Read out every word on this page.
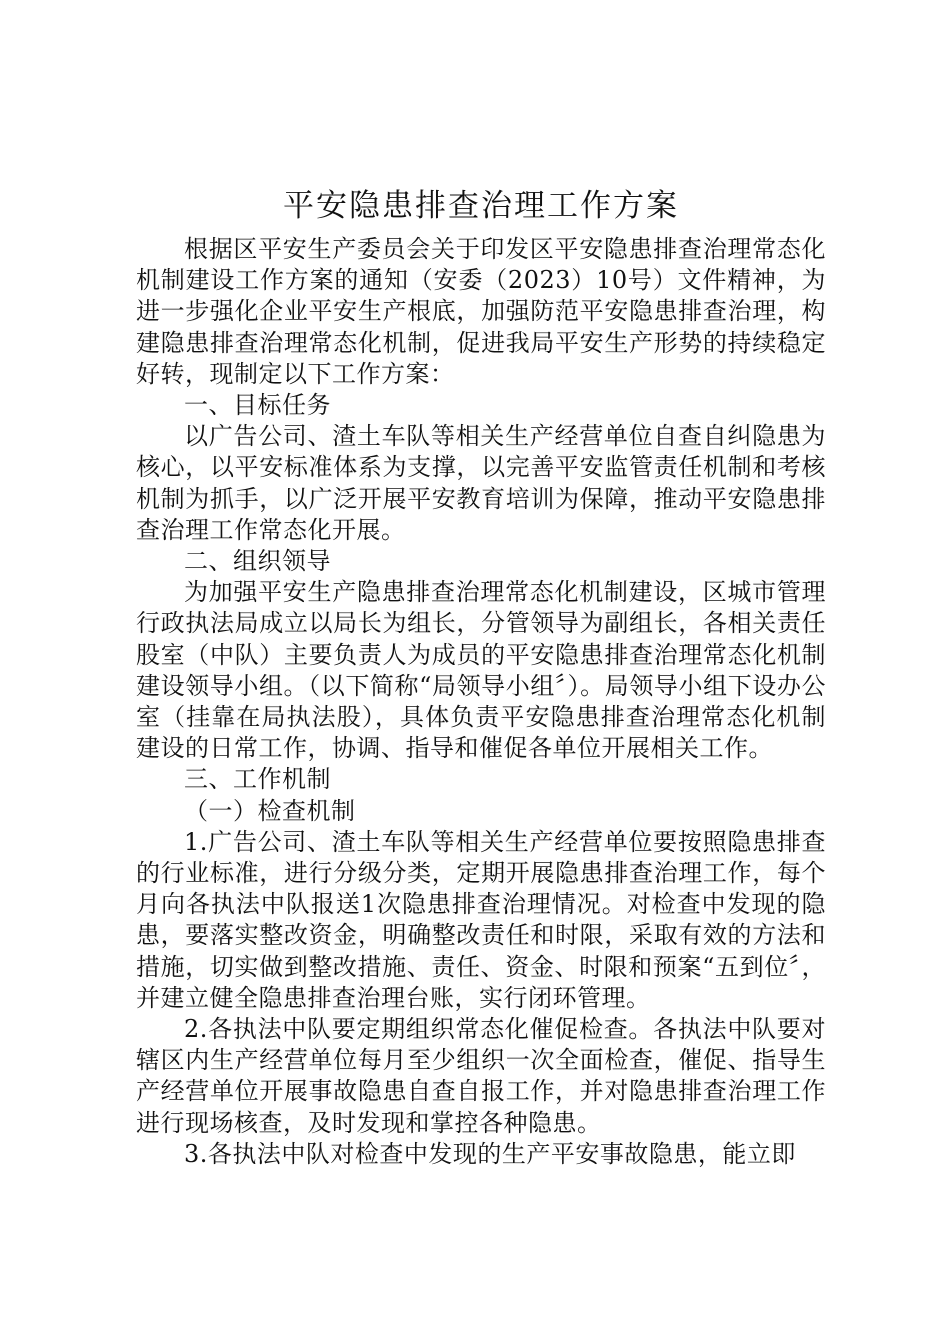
平安隐患排查治理工作方案

根据区平安生产委员会关于印发区平安隐患排查治理常态化机制建设工作方案的通知（安委（2023）10号）文件精神，为进一步强化企业平安生产根底，加强防范平安隐患排查治理，构建隐患排查治理常态化机制，促进我局平安生产形势的持续稳定好转，现制定以下工作方案：

一、目标任务

以广告公司、渣土车队等相关生产经营单位自查自纠隐患为核心，以平安标准体系为支撑，以完善平安监管责任机制和考核机制为抓手，以广泛开展平安教育培训为保障，推动平安隐患排查治理工作常态化开展。

二、组织领导

为加强平安生产隐患排查治理常态化机制建设，区城市管理行政执法局成立以局长为组长，分管领导为副组长，各相关责任股室（中队）主要负责人为成员的平安隐患排查治理常态化机制建设领导小组。（以下简称“局领导小组〞）。局领导小组下设办公室（挂靠在局执法股），具体负责平安隐患排查治理常态化机制建设的日常工作，协调、指导和催促各单位开展相关工作。

三、工作机制

（一）检查机制

1.广告公司、渣土车队等相关生产经营单位要按照隐患排查的行业标准，进行分级分类，定期开展隐患排查治理工作，每个月向各执法中队报送1次隐患排查治理情况。对检查中发现的隐患，要落实整改资金，明确整改责任和时限，采取有效的方法和措施，切实做到整改措施、责任、资金、时限和预案“五到位〞，并建立健全隐患排查治理台账，实行闭环管理。

2.各执法中队要定期组织常态化催促检查。各执法中队要对辖区内生产经营单位每月至少组织一次全面检查，催促、指导生产经营单位开展事故隐患自查自报工作，并对隐患排查治理工作进行现场核查，及时发现和掌控各种隐患。

3.各执法中队对检查中发现的生产平安事故隐患，能立即
